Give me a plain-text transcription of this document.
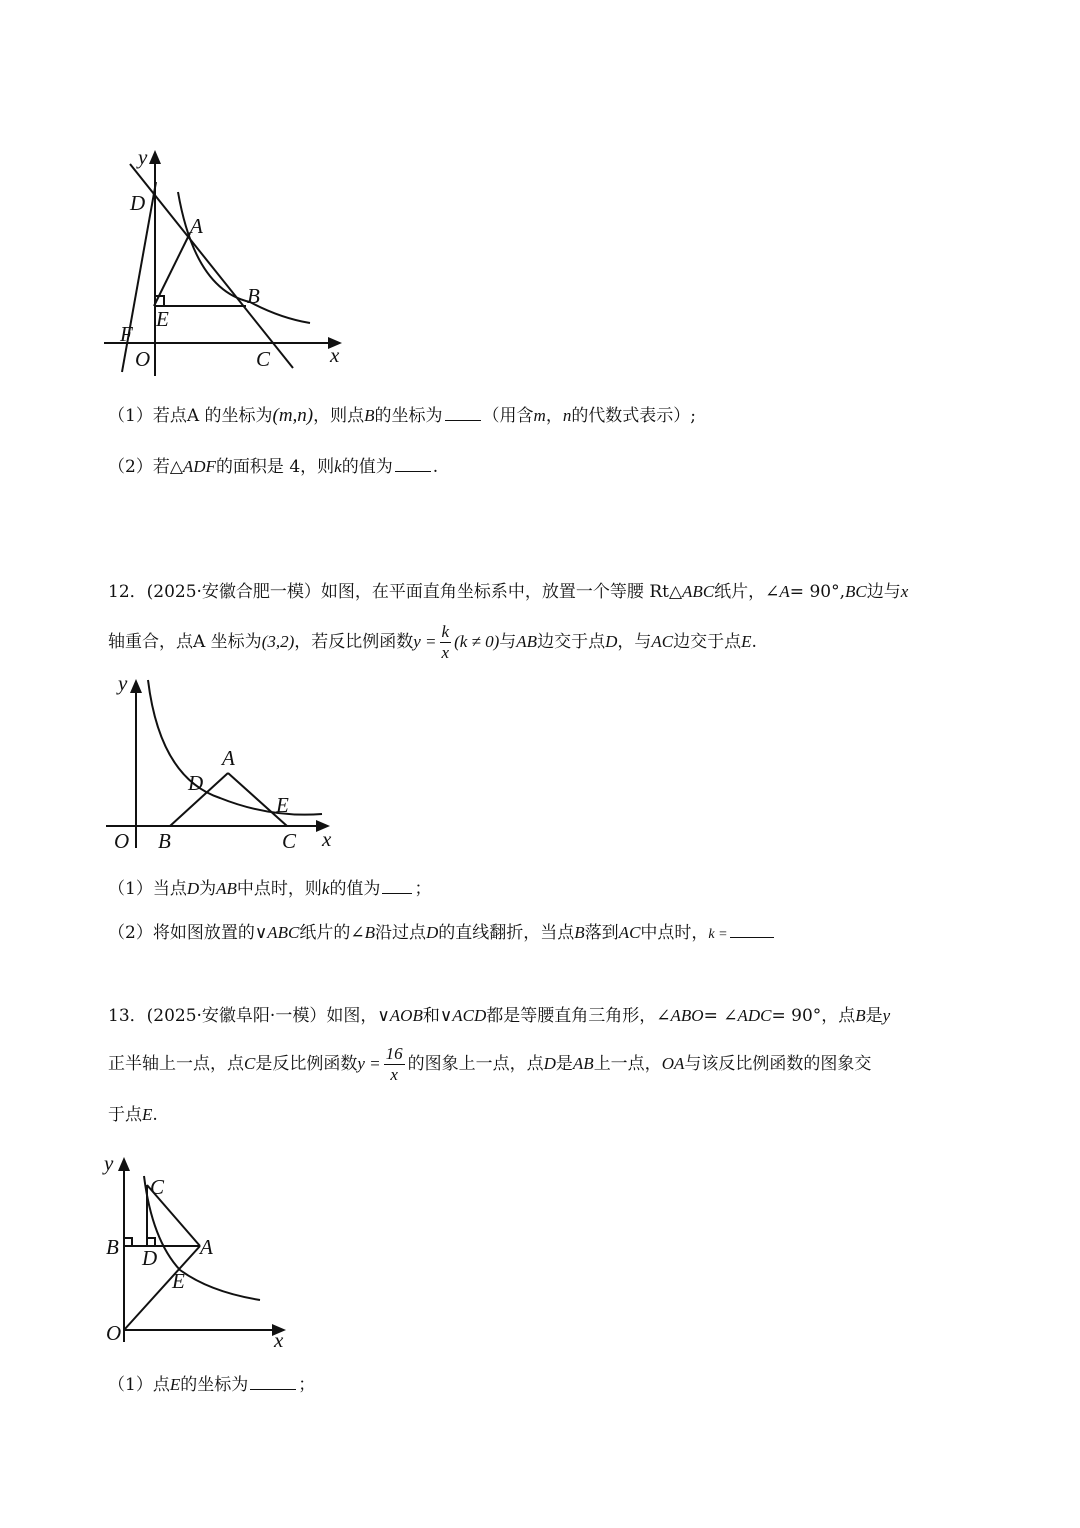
y
D
A
B
E
F
O	C	x
（1）若点A 的坐标为(m,n)，则点B的坐标为 （用含m，n的代数式表示）;
（2）若△ADF的面积是 4，则k的值为 .
12．(2025·安徽合肥一模）如图，在平面直角坐标系中，放置一个等腰 Rt△ABC纸片，∠A= 90°,BC边与x
轴重合，点A 坐标为(3,2)，若反比例函数$y = \frac{k}{x} (k \ne 0)$与AB边交于点D，与AC边交于点E.
y
A
D
E
O B	C x
（1）当点D为AB中点时，则k的值为 ；
（2）将如图放置的∨ABC纸片的∠B沿过点D的直线翻折，当点B落到AC中点时，k =
13．(2025·安徽阜阳·一模）如图，∨AOB和∨ACD都是等腰直角三角形，∠ABO= ∠ADC= 90°，点B是y
正半轴上一点，点C是反比例函数$y = \frac{16}{x}$ 的图象上一点，点D是AB上一点，OA与该反比例函数的图象交
于点E.
y
C
B D A
E
O	x
（1）点E的坐标为	；
